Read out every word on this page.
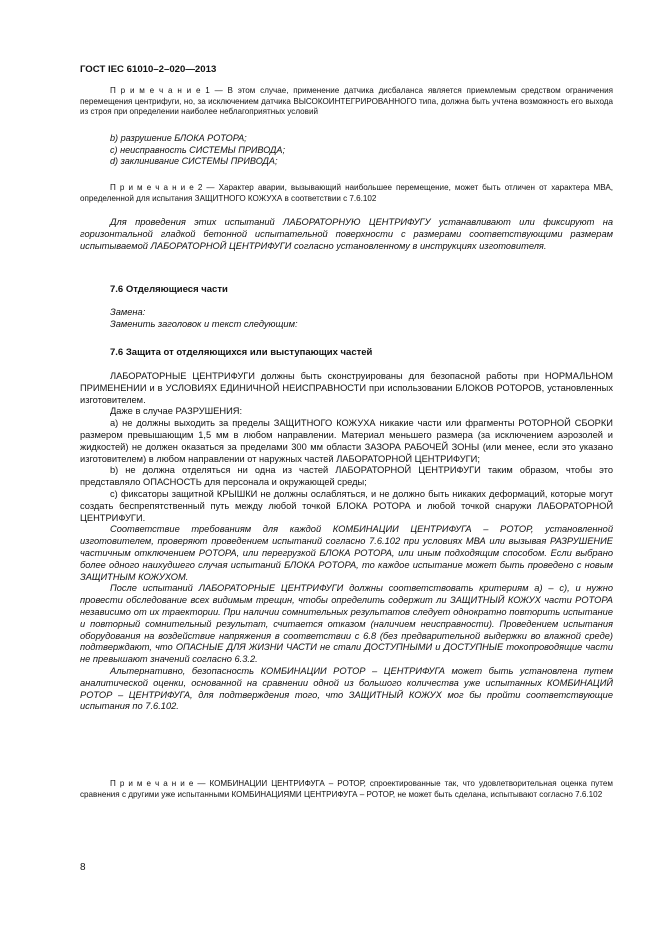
ГОСТ IEC 61010–2–020—2013

П р и м е ч а н и е 1 — В этом случае, применение датчика дисбаланса является приемлемым средством ограничения перемещения центрифуги, но, за исключением датчика ВЫСОКОИНТЕГРИРОВАННОГО типа, должна быть учтена возможность его выхода из строя при определении наиболее неблагоприятных условий

b) разрушение БЛОКА РОТОРА;
c) неисправность СИСТЕМЫ ПРИВОДА;
d) заклинивание СИСТЕМЫ ПРИВОДА;

П р и м е ч а н и е 2 — Характер аварии, вызывающий наибольшее перемещение, может быть отличен от характера МВА, определенной для испытания ЗАЩИТНОГО КОЖУХА в соответствии с 7.6.102

Для проведения этих испытаний ЛАБОРАТОРНУЮ ЦЕНТРИФУГУ устанавливают или фиксируют на горизонтальной гладкой бетонной испытательной поверхности с размерами соответствующими размерам испытываемой ЛАБОРАТОРНОЙ ЦЕНТРИФУГИ согласно установленному в инструкциях изготовителя.

7.6 Отделяющиеся части
Замена:
Заменить заголовок и текст следующим:
7.6 Защита от отделяющихся или выступающих частей

ЛАБОРАТОРНЫЕ ЦЕНТРИФУГИ должны быть сконструированы для безопасной работы при НОРМАЛЬНОМ ПРИМЕНЕНИИ и в УСЛОВИЯХ ЕДИНИЧНОЙ НЕИСПРАВНОСТИ при использовании БЛОКОВ РОТОРОВ, установленных изготовителем.

Даже в случае РАЗРУШЕНИЯ:

а) не должны выходить за пределы ЗАЩИТНОГО КОЖУХА никакие части или фрагменты РОТОРНОЙ СБОРКИ размером превышающим 1,5 мм в любом направлении. Материал меньшего размера (за исключением аэрозолей и жидкостей) не должен оказаться за пределами 300 мм области ЗАЗОРА РАБОЧЕЙ ЗОНЫ (или менее, если это указано изготовителем) в любом направлении от наружных частей ЛАБОРАТОРНОЙ ЦЕНТРИФУГИ;

b) не должна отделяться ни одна из частей ЛАБОРАТОРНОЙ ЦЕНТРИФУГИ таким образом, чтобы это представляло ОПАСНОСТЬ для персонала и окружающей среды;

c) фиксаторы защитной КРЫШКИ не должны ослабляться, и не должно быть никаких деформаций, которые могут создать беспрепятственный путь между любой точкой БЛОКА РОТОРА и любой точкой снаружи ЛАБОРАТОРНОЙ ЦЕНТРИФУГИ.

Соответствие требованиям для каждой КОМБИНАЦИИ ЦЕНТРИФУГА – РОТОР, установленной изготовителем, проверяют проведением испытаний согласно 7.6.102 при условиях МВА или вызывая РАЗРУШЕНИЕ частичным отключением РОТОРА, или перегрузкой БЛОКА РОТОРА, или иным подходящим способом. Если выбрано более одного наихудшего случая испытаний БЛОКА РОТОРА, то каждое испытание может быть проведено с новым ЗАЩИТНЫМ КОЖУХОМ.

После испытаний ЛАБОРАТОРНЫЕ ЦЕНТРИФУГИ должны соответствовать критериям а) – с), и нужно провести обследование всех видимым трещин, чтобы определить содержит ли ЗАЩИТНЫЙ КОЖУХ части РОТОРА независимо от их траектории. При наличии сомнительных результатов следует однократно повторить испытание и повторный сомнительный результат, считается отказом (наличием неисправности). Проведением испытания оборудования на воздействие напряжения в соответствии с 6.8 (без предварительной выдержки во влажной среде) подтверждают, что ОПАСНЫЕ ДЛЯ ЖИЗНИ ЧАСТИ не стали ДОСТУПНЫМИ и ДОСТУПНЫЕ токопроводящие части не превышают значений согласно 6.3.2.

Альтернативно, безопасность КОМБИНАЦИИ РОТОР – ЦЕНТРИФУГА может быть установлена путем аналитической оценки, основанной на сравнении одной из большого количества уже испытанных КОМБИНАЦИЙ РОТОР – ЦЕНТРИФУГА, для подтверждения того, что ЗАЩИТНЫЙ КОЖУХ мог бы пройти соответствующие испытания по 7.6.102.

П р и м е ч а н и е — КОМБИНАЦИИ ЦЕНТРИФУГА – РОТОР, спроектированные так, что удовлетворительная оценка путем сравнения с другими уже испытанными КОМБИНАЦИЯМИ ЦЕНТРИФУГА – РОТОР, не может быть сделана, испытывают согласно 7.6.102

8
